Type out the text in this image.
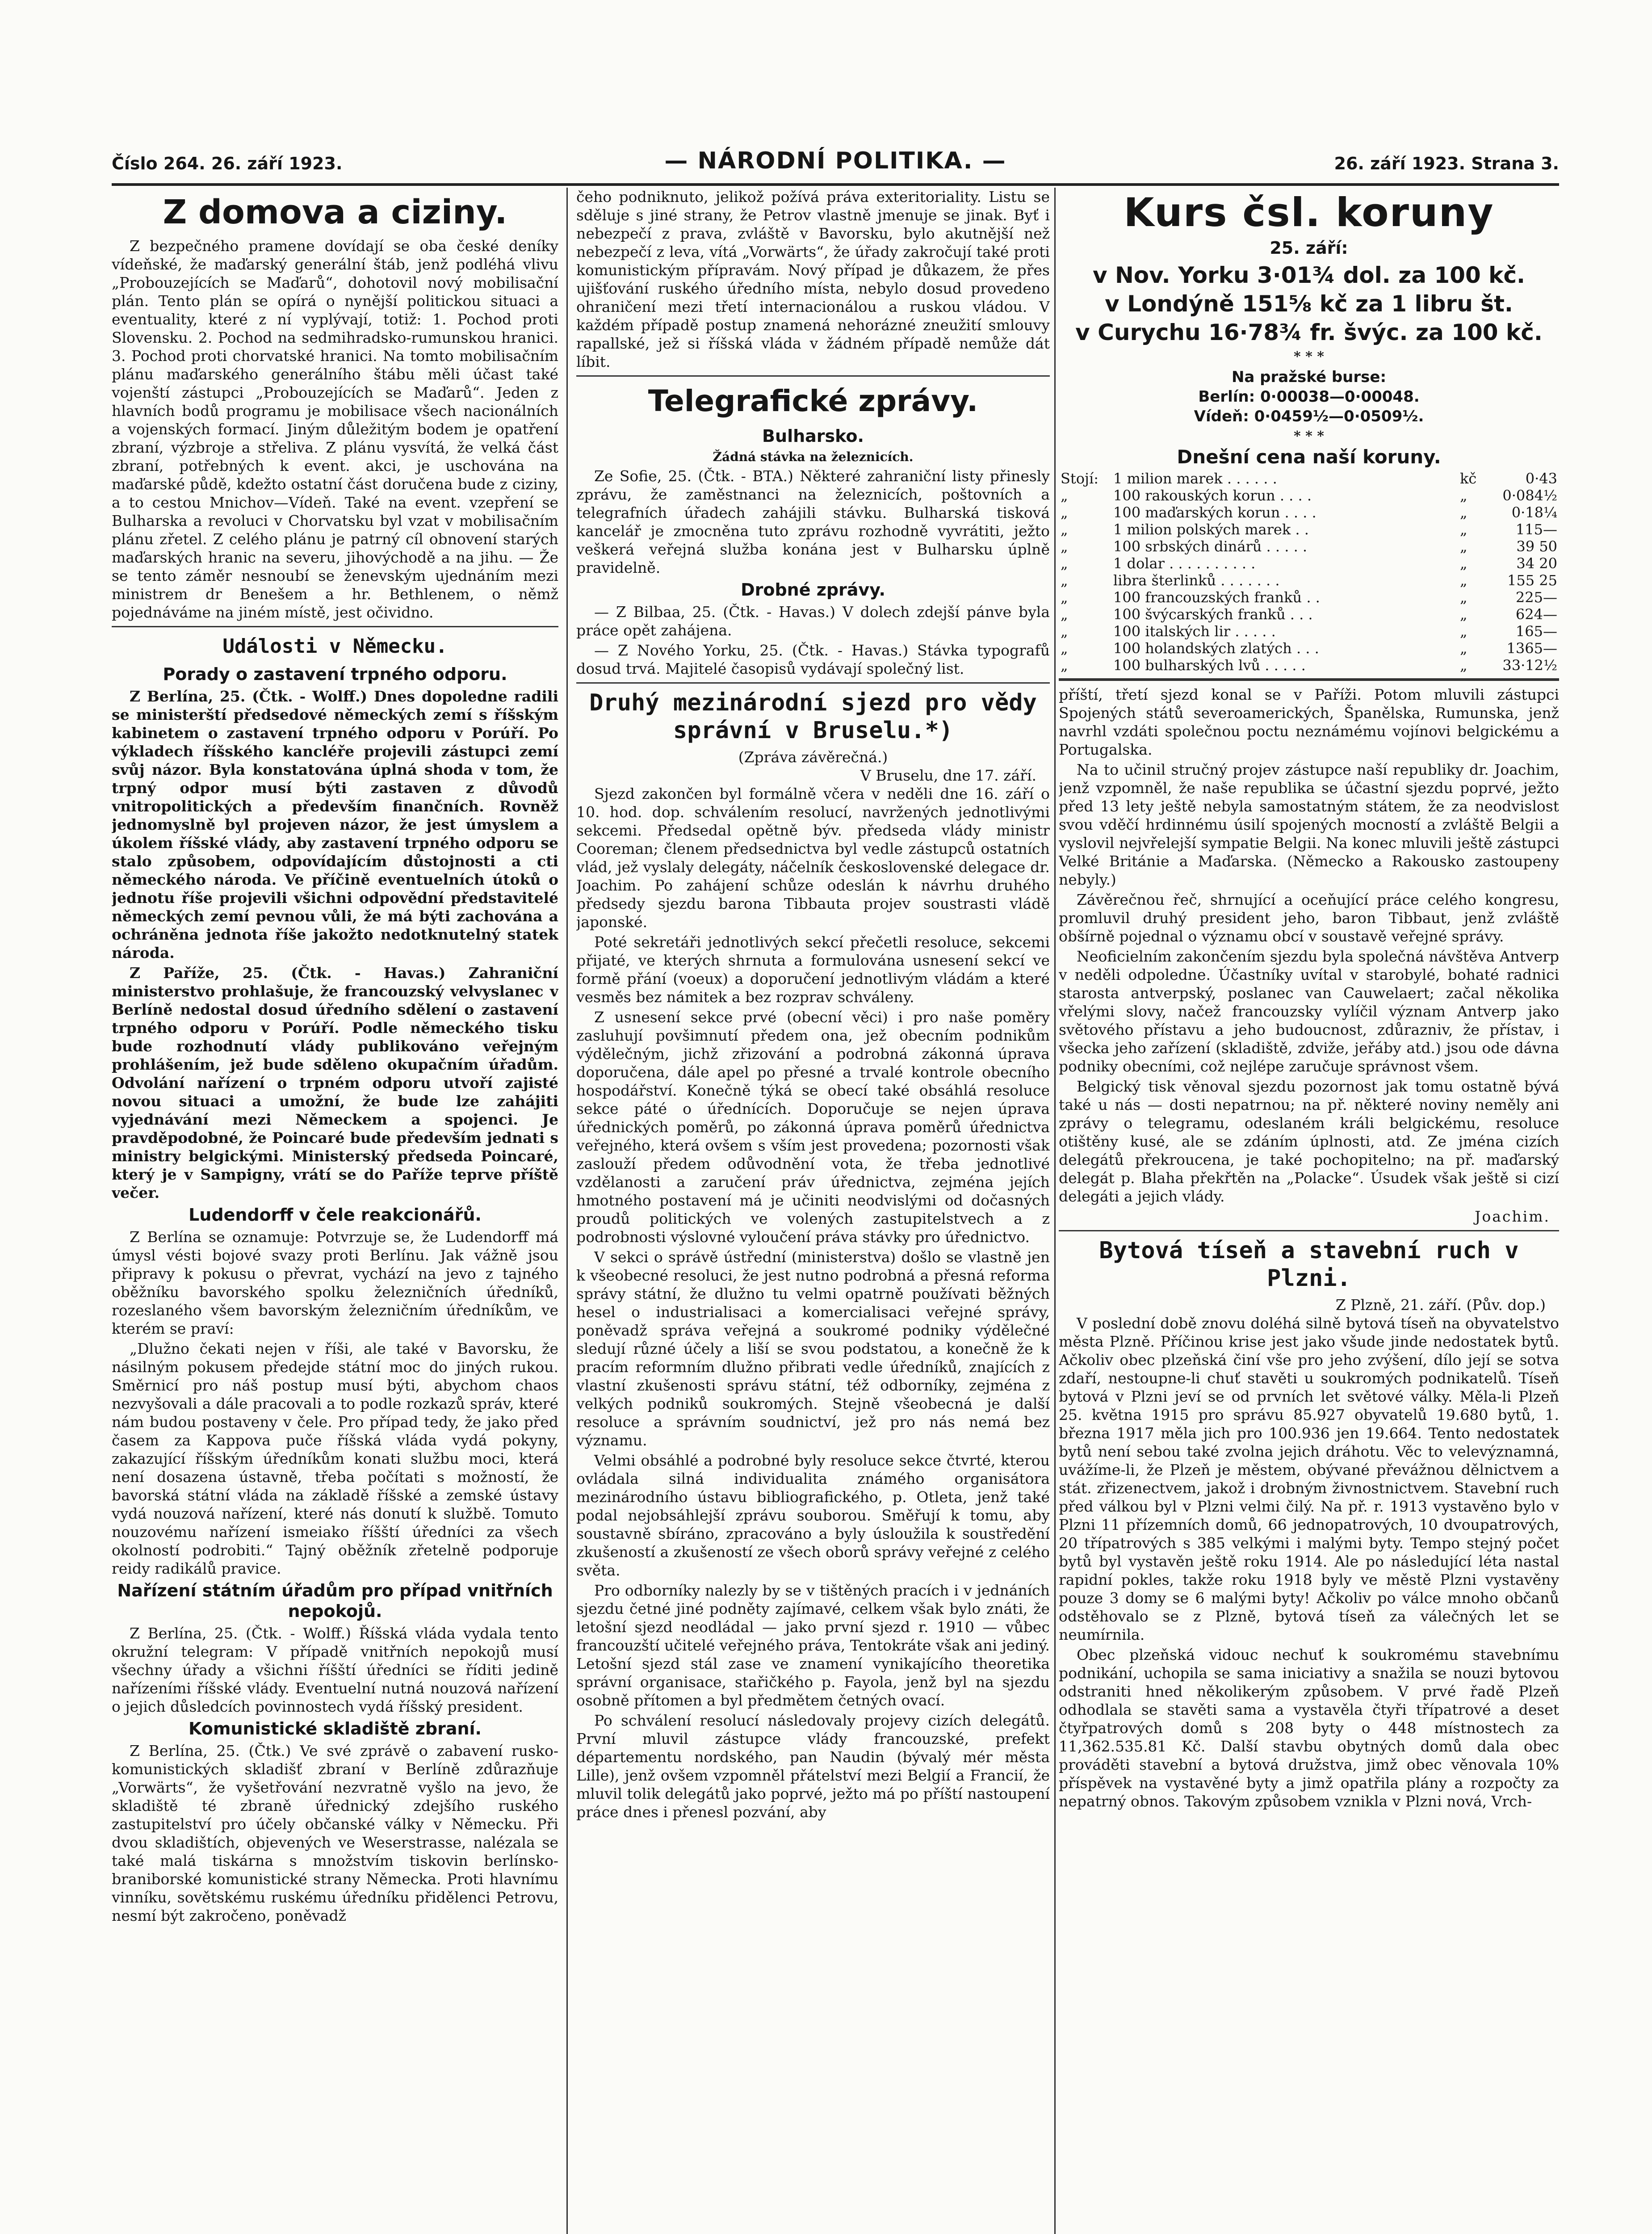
Číslo 264. 26. září 1923.	— NÁRODNÍ POLITIKA. —	26. září 1923. Strana 3.
Z domova a ciziny.

Z bezpečného pramene dovídají se oba české deníky vídeňské, že maďarský generální štáb, jenž podléhá vlivu „Probouzejících se Maďarů“, dohotovil nový mobilisační plán. Tento plán se opírá o nynější politickou situaci a eventuality, které z ní vyplývají, totiž: 1. Pochod proti Slovensku. 2. Pochod na sedmihradsko-rumunskou hranici. 3. Pochod proti chorvatské hranici. Na tomto mobilisačním plánu maďarského generálního štábu měli účast také vojenští zástupci „Probouzejících se Maďarů“. Jeden z hlavních bodů programu je mobilisace všech nacionálních a vojenských formací. Jiným důležitým bodem je opatření zbraní, výzbroje a střeliva. Z plánu vysvítá, že velká část zbraní, potřebných k event. akci, je uschována na maďarské půdě, kdežto ostatní část doručena bude z ciziny, a to cestou Mnichov—Vídeň. Také na event. vzepření se Bulharska a revoluci v Chorvatsku byl vzat v mobilisačním plánu zřetel. Z celého plánu je patrný cíl obnovení starých maďarských hranic na severu, jihovýchodě a na jihu. — Že se tento záměr nesnoubí se ženevským ujednáním mezi ministrem dr Benešem a hr. Bethlenem, o němž pojednáváme na jiném místě, jest očividno.

Události v Německu.
Porady o zastavení trpného odporu.

Z Berlína, 25. (Čtk. - Wolff.) Dnes dopoledne radili se ministerští předsedové německých zemí s říšským kabinetem o zastavení trpného odporu v Porúří. Po výkladech říšského kancléře projevili zástupci zemí svůj názor. Byla konstatována úplná shoda v tom, že trpný odpor musí býti zastaven z důvodů vnitropolitických a především finančních. Rovněž jednomyslně byl projeven názor, že jest úmyslem a úkolem říšské vlády, aby zastavení trpného odporu se stalo způsobem, odpovídajícím důstojnosti a cti německého národa. Ve příčině eventuelních útoků o jednotu říše projevili všichni odpovědní představitelé německých zemí pevnou vůli, že má býti zachována a ochráněna jednota říše jakožto nedotknutelný statek národa.

Z Paříže, 25. (Čtk. - Havas.) Zahraniční ministerstvo prohlašuje, že francouzský velvyslanec v Berlíně nedostal dosud úředního sdělení o zastavení trpného odporu v Porúří. Podle německého tisku bude rozhodnutí vlády publikováno veřejným prohlášením, jež bude sděleno okupačním úřadům. Odvolání nařízení o trpném odporu utvoří zajisté novou situaci a umožní, že bude lze zahájiti vyjednávání mezi Německem a spojenci. Je pravděpodobné, že Poincaré bude především jednati s ministry belgickými. Ministerský předseda Poincaré, který je v Sampigny, vrátí se do Paříže teprve příště večer.

Ludendorff v čele reakcionářů.

Z Berlína se oznamuje: Potvrzuje se, že Ludendorff má úmysl vésti bojové svazy proti Berlínu. Jak vážně jsou připravy k pokusu o převrat, vychází na jevo z tajného oběžníku bavorského spolku železničních úředníků, rozeslaného všem bavorským železničním úředníkům, ve kterém se praví:

„Dlužno čekati nejen v říši, ale také v Bavorsku, že násilným pokusem předejde státní moc do jiných rukou. Směrnicí pro náš postup musí býti, abychom chaos nezvyšovali a dále pracovali a to podle rozkazů správ, které nám budou postaveny v čele. Pro případ tedy, že jako před časem za Kappova puče říšská vláda vydá pokyny, zakazující říšským úředníkům konati službu moci, která není dosazena ústavně, třeba počítati s možností, že bavorská státní vláda na základě říšské a zemské ústavy vydá nouzová nařízení, které nás donutí k službě. Tomuto nouzovému nařízení ismeiako říšští úředníci za všech okolností podrobiti.“ Tajný oběžník zřetelně podporuje reidy radikálů pravice.

Nařízení státním úřadům pro případ vnitřních nepokojů.

Z Berlína, 25. (Čtk. - Wolff.) Říšská vláda vydala tento okružní telegram: V případě vnitřních nepokojů musí všechny úřady a všichni říšští úředníci se říditi jedině nařízeními říšské vlády. Eventuelní nutná nouzová nařízení o jejich důsledcích povinnostech vydá říšský president.

Komunistické skladiště zbraní.

Z Berlína, 25. (Čtk.) Ve své zprávě o zabavení rusko-komunistických skladišť zbraní v Berlíně zdůrazňuje „Vorwärts“, že vyšetřování nezvratně vyšlo na jevo, že skladiště té zbraně úřednický zdejšího ruského zastupitelství pro účely občanské války v Německu. Při dvou skladištích, objevených ve Weserstrasse, nalézala se také malá tiskárna s množstvím tiskovin berlínsko-braniborské komunistické strany Německa. Proti hlavnímu vinníku, sovětskému ruskému úředníku přidělenci Petrovu, nesmí být zakročeno, poněvadž

čeho podniknuto, jelikož požívá práva exteritoriality. Listu se sděluje s jiné strany, že Petrov vlastně jmenuje se jinak. Byť i nebezpečí z prava, zvláště v Bavorsku, bylo akutnější než nebezpečí z leva, vítá „Vorwärts“, že úřady zakročují také proti komunistickým přípravám. Nový případ je důkazem, že přes ujišťování ruského úředního místa, nebylo dosud provedeno ohraničení mezi třetí internacionálou a ruskou vládou. V každém případě postup znamená nehorázné zneužití smlouvy rapallské, jež si říšská vláda v žádném případě nemůže dát líbit.

Telegrafické zprávy.
Bulharsko.
Žádná stávka na železnicích.

Ze Sofie, 25. (Čtk. - BTA.) Některé zahraniční listy přinesly zprávu, že zaměstnanci na železnicích, poštovních a telegrafních úřadech zahájili stávku. Bulharská tisková kancelář je zmocněna tuto zprávu rozhodně vyvrátiti, ježto veškerá veřejná služba konána jest v Bulharsku úplně pravidelně.

Drobné zprávy.

— Z Bilbaa, 25. (Čtk. - Havas.) V dolech zdejší pánve byla práce opět zahájena.

— Z Nového Yorku, 25. (Čtk. - Havas.) Stávka typografů dosud trvá. Majitelé časopisů vydávají společný list.

Druhý mezinárodní sjezd pro vědy správní v Bruselu.*)
(Zpráva závěrečná.)
V Bruselu, dne 17. září.

Sjezd zakončen byl formálně včera v neděli dne 16. září o 10. hod. dop. schválením resolucí, navržených jednotlivými sekcemi. Předsedal opětně býv. předseda vlády ministr Cooreman; členem předsednictva byl vedle zástupců ostatních vlád, jež vyslaly delegáty, náčelník československé delegace dr. Joachim. Po zahájení schůze odeslán k návrhu druhého předsedy sjezdu barona Tibbauta projev soustrasti vládě japonské.

Poté sekretáři jednotlivých sekcí přečetli resoluce, sekcemi přijaté, ve kterých shrnuta a formulována usnesení sekcí ve formě přání (voeux) a doporučení jednotlivým vládám a které vesměs bez námitek a bez rozprav schváleny.

Z usnesení sekce prvé (obecní věci) i pro naše poměry zasluhují povšimnutí předem ona, jež obecním podnikům výdělečným, jichž zřizování a podrobná zákonná úprava doporučena, dále apel po přesné a trvalé kontrole obecního hospodářství. Konečně týká se obecí také obsáhlá resoluce sekce páté o úřednících. Doporučuje se nejen úprava úřednických poměrů, po zákonná úprava poměrů úřednictva veřejného, která ovšem s vším jest provedena; pozornosti však zaslouží předem odůvodnění vota, že třeba jednotlivé vzdělanosti a zaručení práv úřednictva, zejména jejích hmotného postavení má je učiniti neodvislými od dočasných proudů politických ve volených zastupitelstvech a z podrobnosti výslovné vyloučení práva stávky pro úřednictvo.

V sekci o správě ústřední (ministerstva) došlo se vlastně jen k všeobecné resoluci, že jest nutno podrobná a přesná reforma správy státní, že dlužno tu velmi opatrně používati běžných hesel o industrialisaci a komercialisaci veřejné správy, poněvadž správa veřejná a soukromé podniky výdělečné sledují různé účely a liší se svou podstatou, a konečně že k pracím reformním dlužno přibrati vedle úředníků, znajících z vlastní zkušenosti správu státní, též odborníky, zejména z velkých podniků soukromých. Stejně všeobecná je další resoluce a správním soudnictví, jež pro nás nemá bez významu.

Velmi obsáhlé a podrobné byly resoluce sekce čtvrté, kterou ovládala silná individualita známého organisátora mezinárodního ústavu bibliografického, p. Otleta, jenž také podal nejobsáhlejší zprávu souborou. Směřují k tomu, aby soustavně sbíráno, zpracováno a byly úsloužila k soustředění zkušeností a zkušeností ze všech oborů správy veřejné z celého světa.

Pro odborníky nalezly by se v tištěných pracích i v jednáních sjezdu četné jiné podněty zajímavé, celkem však bylo znáti, že letošní sjezd neodládal — jako první sjezd r. 1910 — vůbec francouzští učitelé veřejného práva, Tentokráte však ani jediný. Letošní sjezd stál zase ve znamení vynikajícího theoretika správní organisace, stařičkého p. Fayola, jenž byl na sjezdu osobně přítomen a byl předmětem četných ovací.

Po schválení resolucí následovaly projevy cizích delegátů. První mluvil zástupce vlády francouzské, prefekt départementu nordského, pan Naudin (bývalý mér města Lille), jenž ovšem vzpomněl přátelství mezi Belgií a Francií, že mluvil tolik delegátů jako poprvé, ježto má po příští nastoupení práce dnes i přenesl pozvání, aby

Kurs čsl. koruny
25. září:
v Nov. Yorku 3·01¾ dol. za 100 kč.
v Londýně 151⅝ kč za 1 libru št.
v Curychu 16·78¾ fr. švýc. za 100 kč.
* * *
Na pražské burse:
Berlín: 0·00038—0·00048.
Vídeň: 0·0459½—0·0509½.
* * *
Dnešní cena naší koruny.
Stojí:	1 milion marek . . . . . .	kč	0·43
„	100 rakouských korun . . . .	„	0·084½
„	100 maďarských korun . . . .	„	0·18¼
„	1 milion polských marek . .	„	115—
„	100 srbských dinárů . . . . .	„	39 50
„	1 dolar . . . . . . . . . .	„	34 20
„	libra šterlinků . . . . . . .	„	155 25
„	100 francouzských franků . .	„	225—
„	100 švýcarských franků . . .	„	624—
„	100 italských lir . . . . .	„	165—
„	100 holandských zlatých . . .	„	1365—
„	100 bulharských lvů . . . . .	„	33·12½

příští, třetí sjezd konal se v Paříži. Potom mluvili zástupci Spojených států severoamerických, Španělska, Rumunska, jenž navrhl vzdáti společnou poctu neznámému vojínovi belgickému a Portugalska.

Na to učinil stručný projev zástupce naší republiky dr. Joachim, jenž vzpomněl, že naše republika se účastní sjezdu poprvé, ježto před 13 lety ještě nebyla samostatným státem, že za neodvislost svou vděčí hrdinnému úsilí spojených mocností a zvláště Belgii a vyslovil nejvřelejší sympatie Belgii. Na konec mluvili ještě zástupci Velké Británie a Maďarska. (Německo a Rakousko zastoupeny nebyly.)

Závěrečnou řeč, shrnující a oceňující práce celého kongresu, promluvil druhý president jeho, baron Tibbaut, jenž zvláště obšírně pojednal o významu obcí v soustavě veřejné správy.

Neoficielním zakončením sjezdu byla společná návštěva Antverp v neděli odpoledne. Účastníky uvítal v starobylé, bohaté radnici starosta antverpský, poslanec van Cauwelaert; začal několika vřelými slovy, načež francouzsky vylíčil význam Antverp jako světového přístavu a jeho budoucnost, zdůrazniv, že přístav, i všecka jeho zařízení (skladiště, zdviže, jeřáby atd.) jsou ode dávna podniky obecními, což nejlépe zaručuje správnost všem.

Belgický tisk věnoval sjezdu pozornost jak tomu ostatně bývá také u nás — dosti nepatrnou; na př. některé noviny neměly ani zprávy o telegramu, odeslaném králi belgickému, resoluce otištěny kusé, ale se zdáním úplnosti, atd. Ze jména cizích delegátů překroucena, je také pochopitelno; na př. maďarský delegát p. Blaha překřtěn na „Polacke“. Úsudek však ještě si cizí delegáti a jejich vlády.

Joachim.
Bytová tíseň a stavební ruch v Plzni.
Z Plzně, 21. září. (Pův. dop.)

V poslední době znovu doléhá silně bytová tíseň na obyvatelstvo města Plzně. Příčinou krise jest jako všude jinde nedostatek bytů. Ačkoliv obec plzeňská činí vše pro jeho zvýšení, dílo její se sotva zdaří, nestoupne-li chuť stavěti u soukromých podnikatelů. Tíseň bytová v Plzni jeví se od prvních let světové války. Měla-li Plzeň 25. května 1915 pro správu 85.927 obyvatelů 19.680 bytů, 1. března 1917 měla jich pro 100.936 jen 19.664. Tento nedostatek bytů není sebou také zvolna jejich dráhotu. Věc to velevýznamná, uvážíme-li, že Plzeň je městem, obývané převážnou dělnictvem a stát. zřizenectvem, jakož i drobným živnostnictvem. Stavební ruch před válkou byl v Plzni velmi čilý. Na př. r. 1913 vystavěno bylo v Plzni 11 přízemních domů, 66 jednopatrových, 10 dvoupatrových, 20 třípatrových s 385 velkými i malými byty. Tempo stejný počet bytů byl vystavěn ještě roku 1914. Ale po následující léta nastal rapidní pokles, takže roku 1918 byly ve městě Plzni vystavěny pouze 3 domy se 6 malými byty! Ačkoliv po válce mnoho občanů odstěhovalo se z Plzně, bytová tíseň za válečných let se neumírnila.

Obec plzeňská vidouc nechuť k soukromému stavebnímu podnikání, uchopila se sama iniciativy a snažila se nouzi bytovou odstraniti hned několikerým způsobem. V prvé řadě Plzeň odhodlala se stavěti sama a vystavěla čtyři třípatrové a deset čtyřpatrových domů s 208 byty o 448 místnostech za 11,362.535.81 Kč. Další stavbu obytných domů dala obec prováděti stavební a bytová družstva, jimž obec věnovala 10% příspěvek na vystavěné byty a jimž opatřila plány a rozpočty za nepatrný obnos. Takovým způsobem vznikla v Plzni nová, Vrch-
